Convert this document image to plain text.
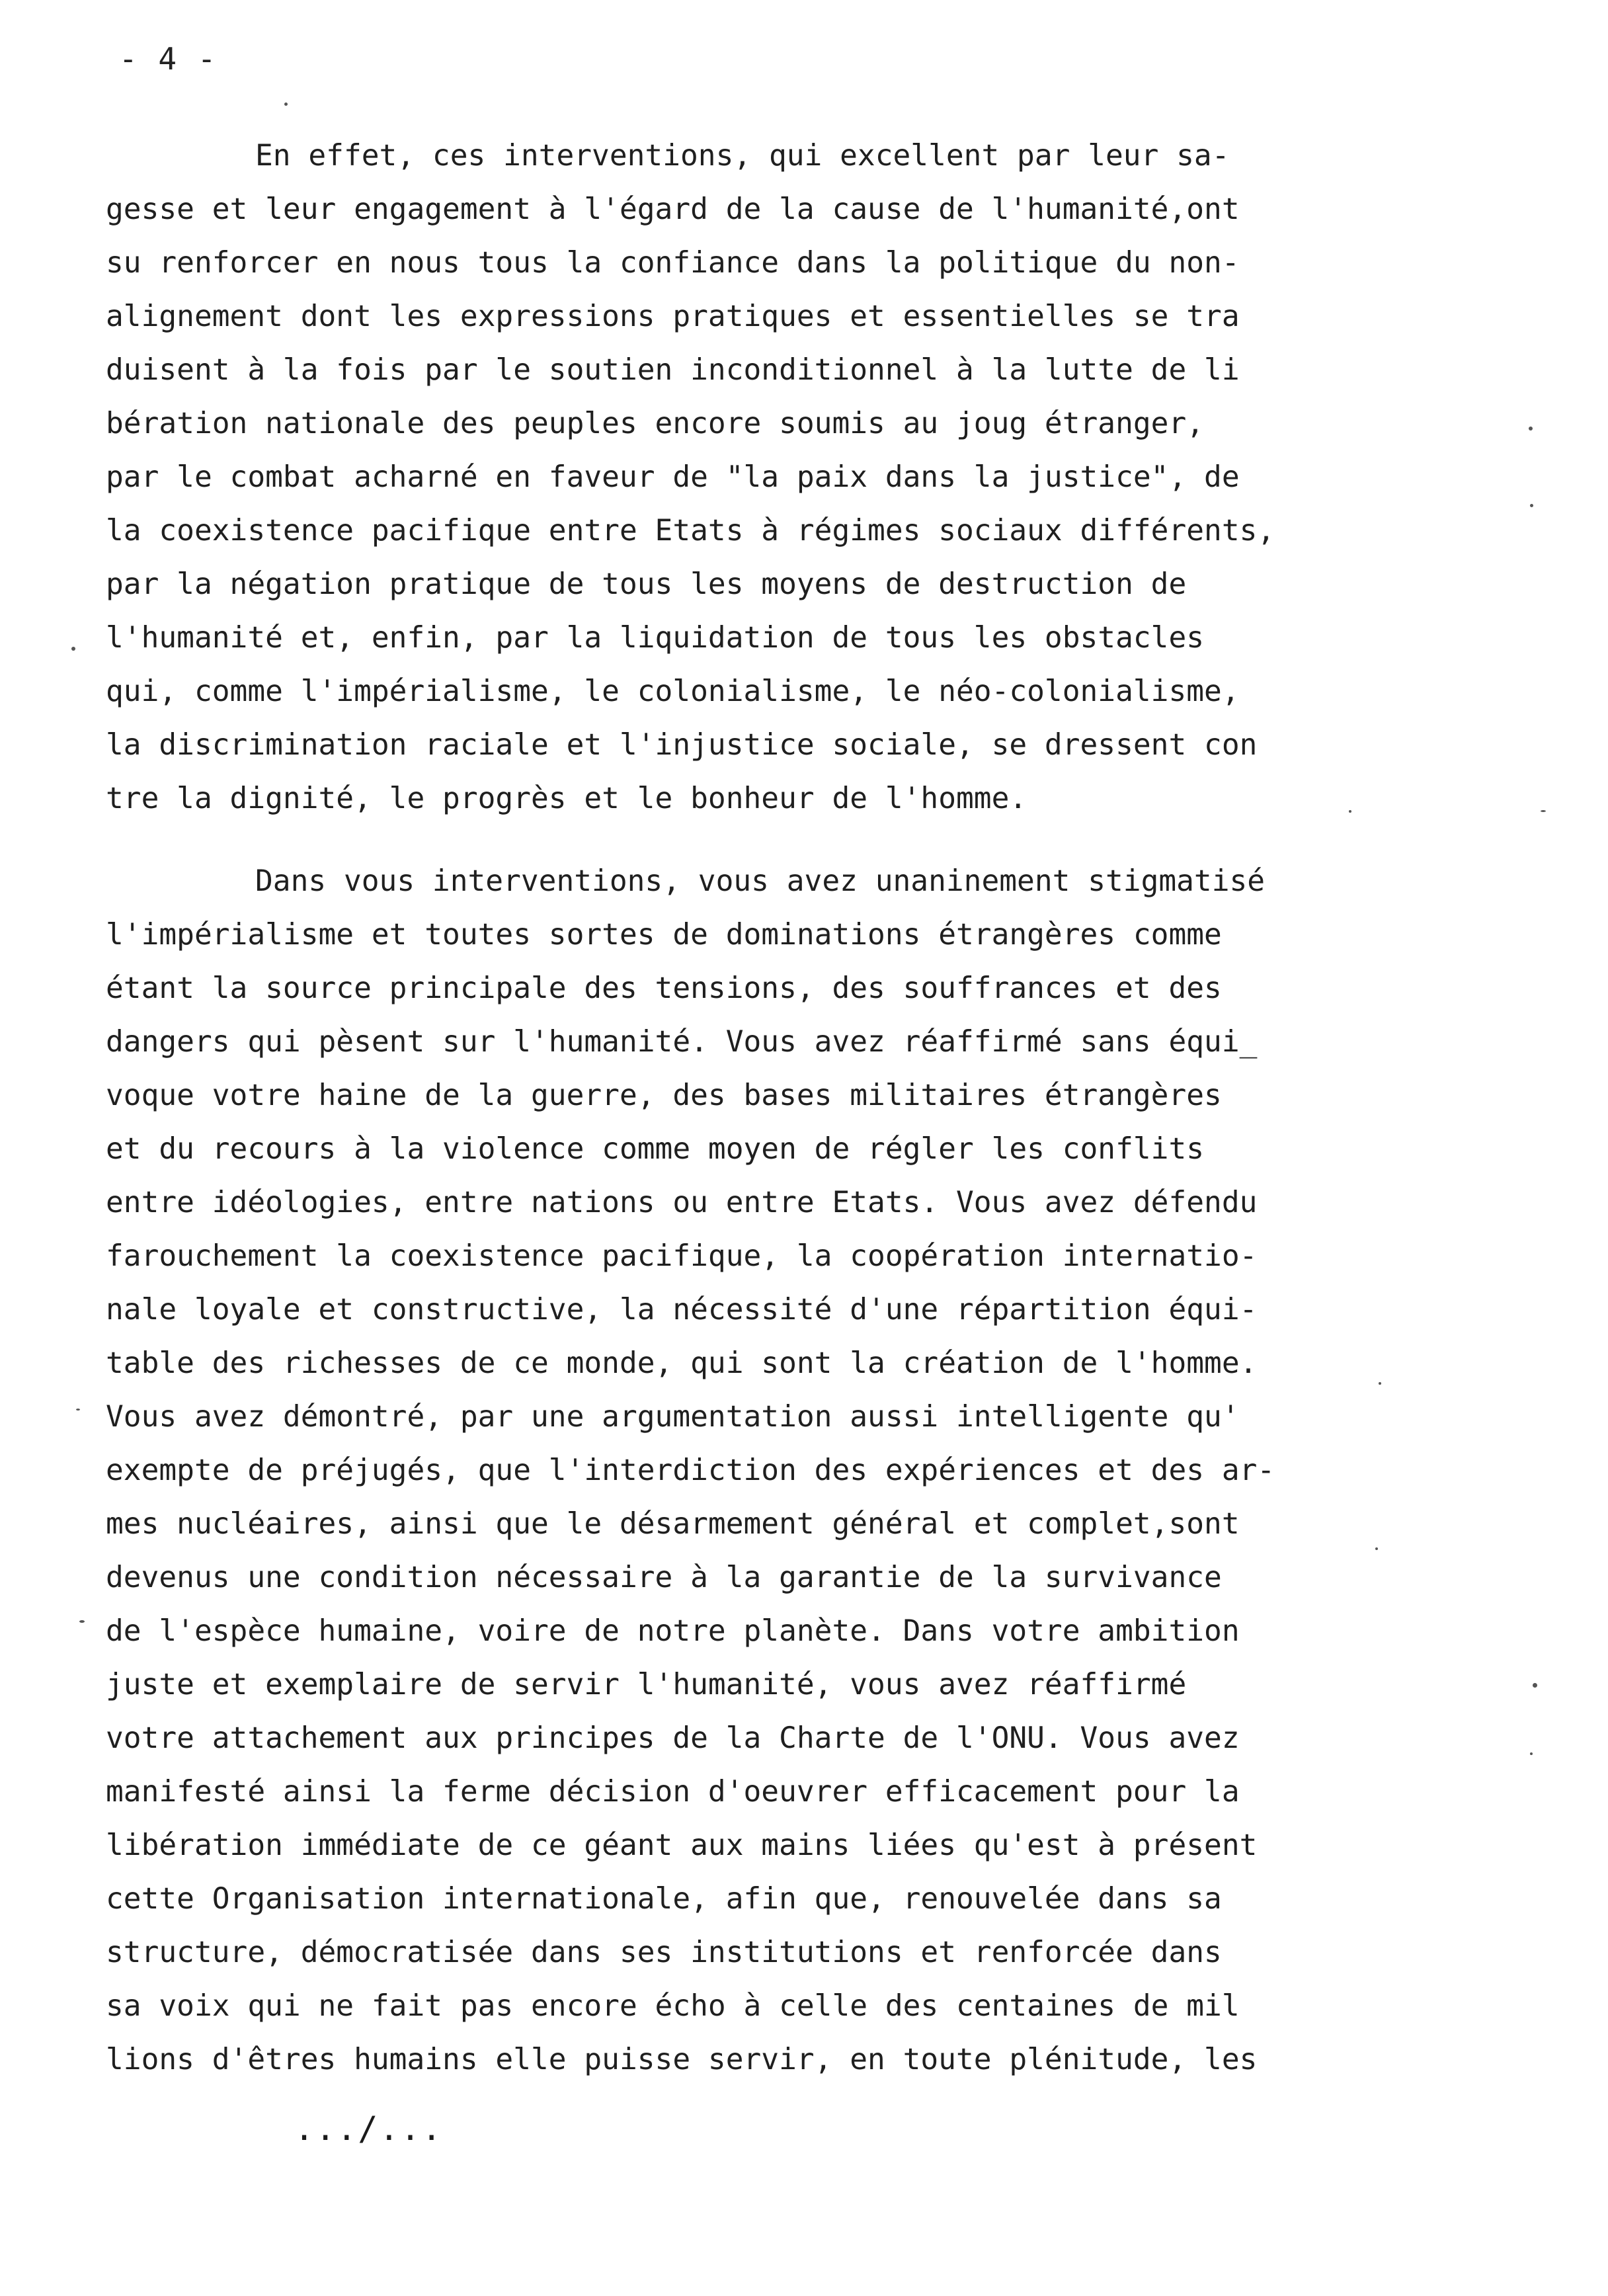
- 4 -
En effet, ces interventions, qui excellent par leur sa-
gesse et leur engagement à l'égard de la cause de l'humanité,ont
su renforcer en nous tous la confiance dans la politique du non-
alignement dont les expressions pratiques et essentielles se tra
duisent à la fois par le soutien inconditionnel à la lutte de li
bération nationale des peuples encore soumis au joug étranger,
par le combat acharné en faveur de "la paix dans la justice", de
la coexistence pacifique entre Etats à régimes sociaux différents,
par la négation pratique de tous les moyens de destruction de
l'humanité et, enfin, par la liquidation de tous les obstacles
qui, comme l'impérialisme, le colonialisme, le néo-colonialisme,
la discrimination raciale et l'injustice sociale, se dressent con
tre la dignité, le progrès et le bonheur de l'homme.
Dans vous interventions, vous avez unaninement stigmatisé
l'impérialisme et toutes sortes de dominations étrangères comme
étant la source principale des tensions, des souffrances et des
dangers qui pèsent sur l'humanité. Vous avez réaffirmé sans équi_
voque votre haine de la guerre, des bases militaires étrangères
et du recours à la violence comme moyen de régler les conflits
entre idéologies, entre nations ou entre Etats. Vous avez défendu
farouchement la coexistence pacifique, la coopération internatio-
nale loyale et constructive, la nécessité d'une répartition équi-
table des richesses de ce monde, qui sont la création de l'homme.
Vous avez démontré, par une argumentation aussi intelligente qu'
exempte de préjugés, que l'interdiction des expériences et des ar-
mes nucléaires, ainsi que le désarmement général et complet,sont
devenus une condition nécessaire à la garantie de la survivance
de l'espèce humaine, voire de notre planète. Dans votre ambition
juste et exemplaire de servir l'humanité, vous avez réaffirmé
votre attachement aux principes de la Charte de l'ONU. Vous avez
manifesté ainsi la ferme décision d'oeuvrer efficacement pour la
libération immédiate de ce géant aux mains liées qu'est à présent
cette Organisation internationale, afin que, renouvelée dans sa
structure, démocratisée dans ses institutions et renforcée dans
sa voix qui ne fait pas encore écho à celle des centaines de mil
lions d'êtres humains elle puisse servir, en toute plénitude, les
.../...
